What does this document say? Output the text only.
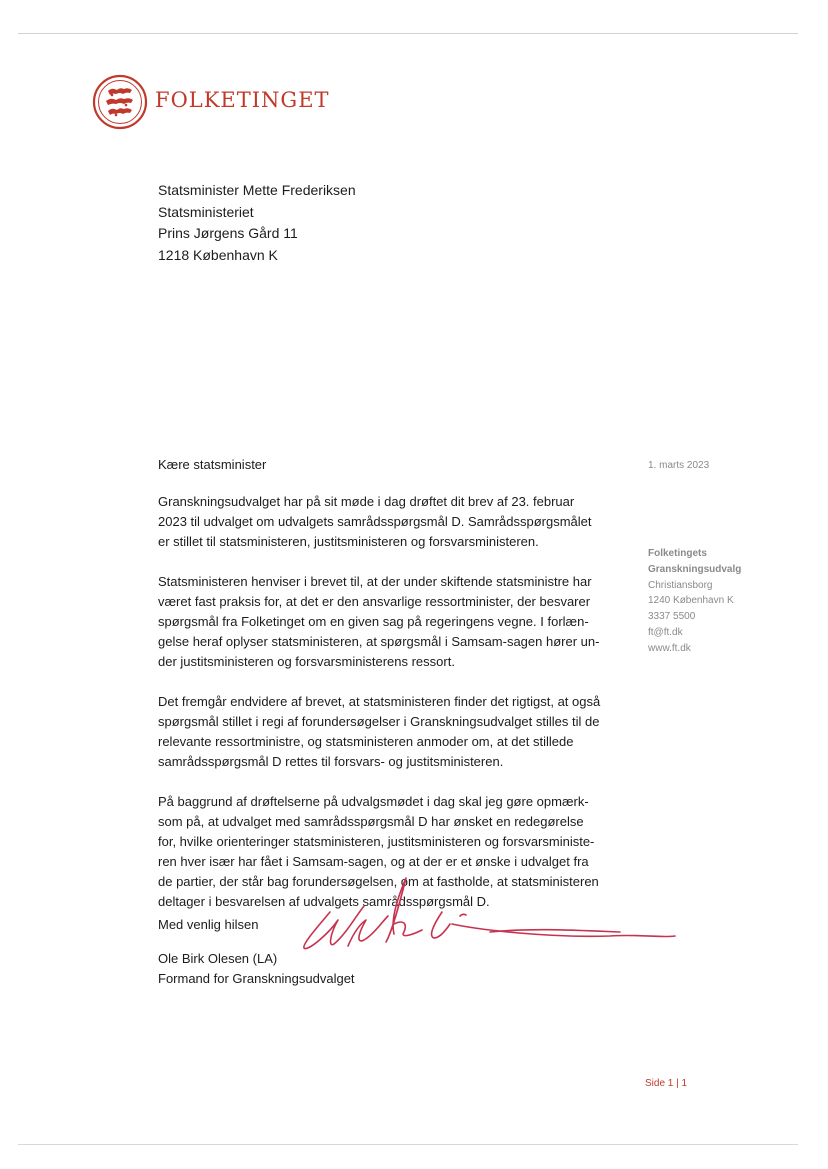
FOLKETINGET
Statsminister Mette Frederiksen
Statsministeriet
Prins Jørgens Gård 11
1218 København K
Kære statsminister	1. marts 2023
Granskningsudvalget har på sit møde i dag drøftet dit brev af 23. februar
2023 til udvalget om udvalgets samrådsspørgsmål D. Samrådsspørgsmålet
er stillet til statsministeren, justitsministeren og forsvarsministeren.
Statsministeren henviser i brevet til, at der under skiftende statsministre har
været fast praksis for, at det er den ansvarlige ressortminister, der besvarer
spørgsmål fra Folketinget om en given sag på regeringens vegne. I forlæn-
gelse heraf oplyser statsministeren, at spørgsmål i Samsam-sagen hører un-
der justitsministeren og forsvarsministerens ressort.
Det fremgår endvidere af brevet, at statsministeren finder det rigtigst, at også
spørgsmål stillet i regi af forundersøgelser i Granskningsudvalget stilles til de
relevante ressortministre, og statsministeren anmoder om, at det stillede
samrådsspørgsmål D rettes til forsvars- og justitsministeren.
På baggrund af drøftelserne på udvalgsmødet i dag skal jeg gøre opmærk-
som på, at udvalget med samrådsspørgsmål D har ønsket en redegørelse
for, hvilke orienteringer statsministeren, justitsministeren og forsvarsministe-
ren hver især har fået i Samsam-sagen, og at der er et ønske i udvalget fra
de partier, der står bag forundersøgelsen, om at fastholde, at statsministeren
deltager i besvarelsen af udvalgets samrådsspørgsmål D.
Folketingets
Granskningsudvalg
Christiansborg
1240 København K
3337 5500
ft@ft.dk
www.ft.dk
Med venlig hilsen
Ole Birk Olesen (LA)
Formand for Granskningsudvalget
Side 1 | 1
